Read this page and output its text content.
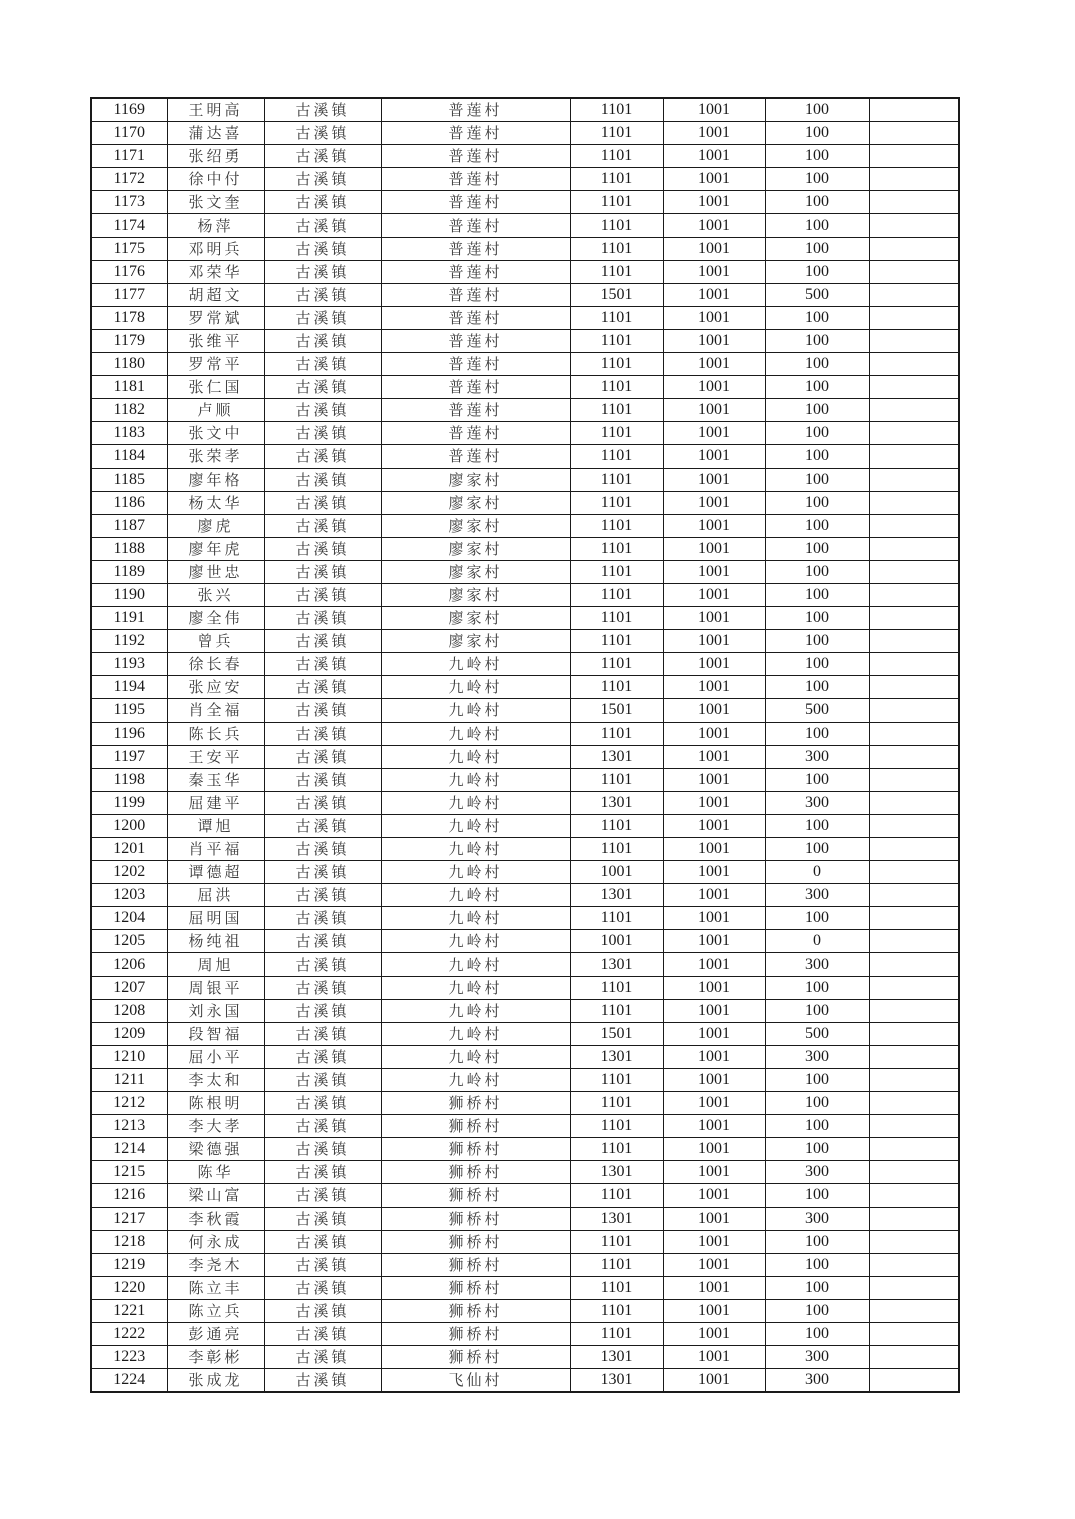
1169	王明高	古溪镇	普莲村	1101	1001	100	
1170	蒲达喜	古溪镇	普莲村	1101	1001	100	
1171	张绍勇	古溪镇	普莲村	1101	1001	100	
1172	徐中付	古溪镇	普莲村	1101	1001	100	
1173	张文奎	古溪镇	普莲村	1101	1001	100	
1174	杨萍	古溪镇	普莲村	1101	1001	100	
1175	邓明兵	古溪镇	普莲村	1101	1001	100	
1176	邓荣华	古溪镇	普莲村	1101	1001	100	
1177	胡超文	古溪镇	普莲村	1501	1001	500	
1178	罗常斌	古溪镇	普莲村	1101	1001	100	
1179	张维平	古溪镇	普莲村	1101	1001	100	
1180	罗常平	古溪镇	普莲村	1101	1001	100	
1181	张仁国	古溪镇	普莲村	1101	1001	100	
1182	卢顺	古溪镇	普莲村	1101	1001	100	
1183	张文中	古溪镇	普莲村	1101	1001	100	
1184	张荣孝	古溪镇	普莲村	1101	1001	100	
1185	廖年格	古溪镇	廖家村	1101	1001	100	
1186	杨太华	古溪镇	廖家村	1101	1001	100	
1187	廖虎	古溪镇	廖家村	1101	1001	100	
1188	廖年虎	古溪镇	廖家村	1101	1001	100	
1189	廖世忠	古溪镇	廖家村	1101	1001	100	
1190	张兴	古溪镇	廖家村	1101	1001	100	
1191	廖全伟	古溪镇	廖家村	1101	1001	100	
1192	曾兵	古溪镇	廖家村	1101	1001	100	
1193	徐长春	古溪镇	九岭村	1101	1001	100	
1194	张应安	古溪镇	九岭村	1101	1001	100	
1195	肖全福	古溪镇	九岭村	1501	1001	500	
1196	陈长兵	古溪镇	九岭村	1101	1001	100	
1197	王安平	古溪镇	九岭村	1301	1001	300	
1198	秦玉华	古溪镇	九岭村	1101	1001	100	
1199	屈建平	古溪镇	九岭村	1301	1001	300	
1200	谭旭	古溪镇	九岭村	1101	1001	100	
1201	肖平福	古溪镇	九岭村	1101	1001	100	
1202	谭德超	古溪镇	九岭村	1001	1001	0	
1203	屈洪	古溪镇	九岭村	1301	1001	300	
1204	屈明国	古溪镇	九岭村	1101	1001	100	
1205	杨纯祖	古溪镇	九岭村	1001	1001	0	
1206	周旭	古溪镇	九岭村	1301	1001	300	
1207	周银平	古溪镇	九岭村	1101	1001	100	
1208	刘永国	古溪镇	九岭村	1101	1001	100	
1209	段智福	古溪镇	九岭村	1501	1001	500	
1210	屈小平	古溪镇	九岭村	1301	1001	300	
1211	李太和	古溪镇	九岭村	1101	1001	100	
1212	陈根明	古溪镇	狮桥村	1101	1001	100	
1213	李大孝	古溪镇	狮桥村	1101	1001	100	
1214	梁德强	古溪镇	狮桥村	1101	1001	100	
1215	陈华	古溪镇	狮桥村	1301	1001	300	
1216	梁山富	古溪镇	狮桥村	1101	1001	100	
1217	李秋霞	古溪镇	狮桥村	1301	1001	300	
1218	何永成	古溪镇	狮桥村	1101	1001	100	
1219	李尧木	古溪镇	狮桥村	1101	1001	100	
1220	陈立丰	古溪镇	狮桥村	1101	1001	100	
1221	陈立兵	古溪镇	狮桥村	1101	1001	100	
1222	彭通亮	古溪镇	狮桥村	1101	1001	100	
1223	李彰彬	古溪镇	狮桥村	1301	1001	300	
1224	张成龙	古溪镇	飞仙村	1301	1001	300	
